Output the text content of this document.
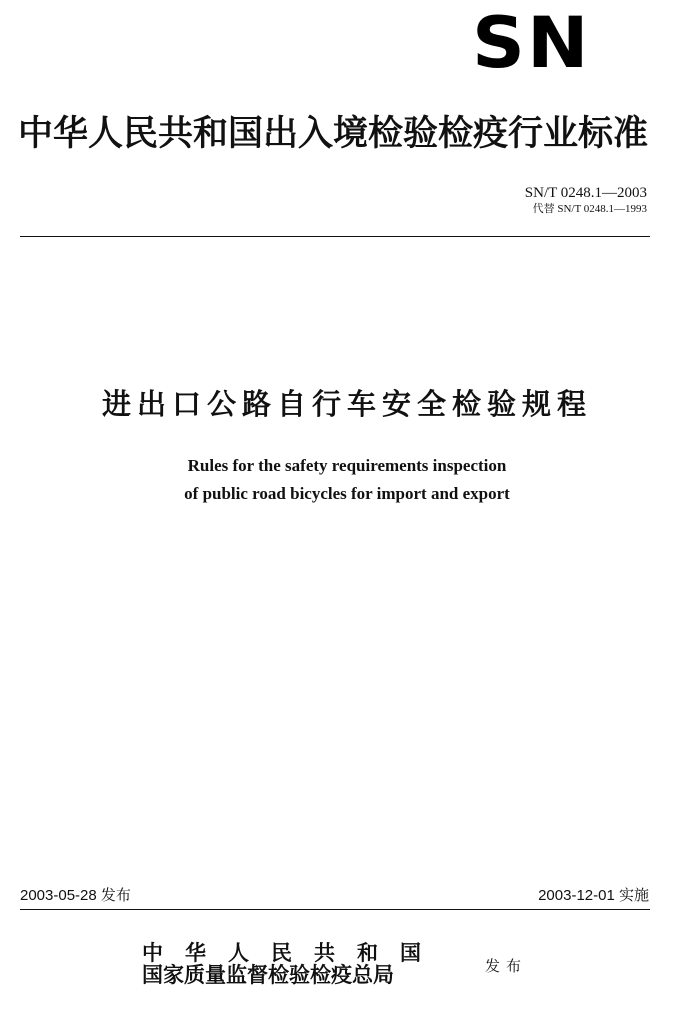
SN
中华人民共和国出入境检验检疫行业标准
SN/T 0248.1—2003
代替 SN/T 0248.1—1993
进出口公路自行车安全检验规程
Rules for the safety requirements inspection
of public road bicycles for import and export
2003-05-28 发布	2003-12-01 实施
中华人民共和国
国家质量监督检验检疫总局	发布
